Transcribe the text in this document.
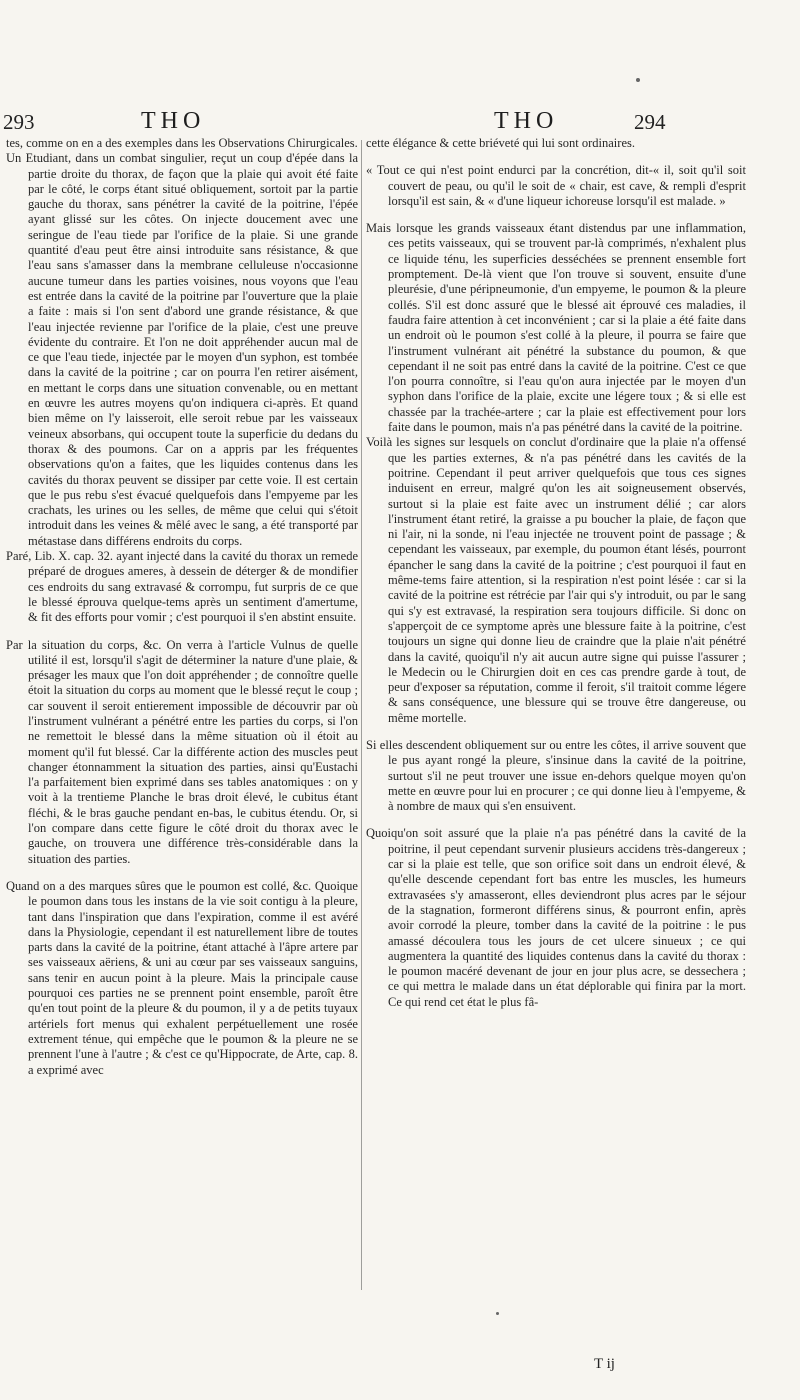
293	THO	THO	294

tes, comme on en a des exemples dans les Observations Chirurgicales.

Un Etudiant, dans un combat singulier, reçut un coup d'épée dans la partie droite du thorax, de façon que la plaie qui avoit été faite par le côté, le corps étant situé obliquement, sortoit par la partie gauche du thorax, sans pénétrer la cavité de la poitrine, l'épée ayant glissé sur les côtes. On injecte doucement avec une seringue de l'eau tiede par l'orifice de la plaie. Si une grande quantité d'eau peut être ainsi introduite sans résistance, & que l'eau sans s'amasser dans la membrane celluleuse n'occasionne aucune tumeur dans les parties voisines, nous voyons que l'eau est entrée dans la cavité de la poitrine par l'ouverture que la plaie a faite : mais si l'on sent d'abord une grande résistance, & que l'eau injectée revienne par l'orifice de la plaie, c'est une preuve évidente du contraire. Et l'on ne doit appréhender aucun mal de ce que l'eau tiede, injectée par le moyen d'un syphon, est tombée dans la cavité de la poitrine ; car on pourra l'en retirer aisément, en mettant le corps dans une situation convenable, ou en mettant en œuvre les autres moyens qu'on indiquera ci-après. Et quand bien même on l'y laisseroit, elle seroit rebue par les vaisseaux veineux absorbans, qui occupent toute la superficie du dedans du thorax & des poumons. Car on a appris par les fréquentes observations qu'on a faites, que les liquides contenus dans les cavités du thorax peuvent se dissiper par cette voie. Il est certain que le pus rebu s'est évacué quelquefois dans l'empyeme par les crachats, les urines ou les selles, de même que celui qui s'étoit introduit dans les veines & mêlé avec le sang, a été transporté par métastase dans différens endroits du corps.

Paré, Lib. X. cap. 32. ayant injecté dans la cavité du thorax un remede préparé de drogues ameres, à dessein de déterger & de mondifier ces endroits du sang extravasé & corrompu, fut surpris de ce que le blessé éprouva quelque-tems après un sentiment d'amertume, & fit des efforts pour vomir ; c'est pourquoi il s'en abstint ensuite.

Par la situation du corps, &c. On verra à l'article Vulnus de quelle utilité il est, lorsqu'il s'agit de déterminer la nature d'une plaie, & présager les maux que l'on doit appréhender ; de connoître quelle étoit la situation du corps au moment que le blessé reçut le coup ; car souvent il seroit entierement impossible de découvrir par où l'instrument vulnérant a pénétré entre les parties du corps, si l'on ne remettoit le blessé dans la même situation où il étoit au moment qu'il fut blessé. Car la différente action des muscles peut changer étonnamment la situation des parties, ainsi qu'Eustachi l'a parfaitement bien exprimé dans ses tables anatomiques : on y voit à la trentieme Planche le bras droit élevé, le cubitus étant fléchi, & le bras gauche pendant en-bas, le cubitus étendu. Or, si l'on compare dans cette figure le côté droit du thorax avec le gauche, on trouvera une différence très-considérable dans la situation des parties.

Quand on a des marques sûres que le poumon est collé, &c. Quoique le poumon dans tous les instans de la vie soit contigu à la pleure, tant dans l'inspiration que dans l'expiration, comme il est avéré dans la Physiologie, cependant il est naturellement libre de toutes parts dans la cavité de la poitrine, étant attaché à l'âpre artere par ses vaisseaux aëriens, & uni au cœur par ses vaisseaux sanguins, sans tenir en aucun point à la pleure. Mais la principale cause pourquoi ces parties ne se prennent point ensemble, paroît être qu'en tout point de la pleure & du poumon, il y a de petits tuyaux artériels fort menus qui exhalent perpétuellement une rosée extrement ténue, qui empêche que le poumon & la pleure ne se prennent l'une à l'autre ; & c'est ce qu'Hippocrate, de Arte, cap. 8. a exprimé avec

cette élégance & cette briéveté qui lui sont ordinaires.

« Tout ce qui n'est point endurci par la concrétion, dit-« il, soit qu'il soit couvert de peau, ou qu'il le soit de « chair, est cave, & rempli d'esprit lorsqu'il est sain, & « d'une liqueur ichoreuse lorsqu'il est malade. »

Mais lorsque les grands vaisseaux étant distendus par une inflammation, ces petits vaisseaux, qui se trouvent par-là comprimés, n'exhalent plus ce liquide ténu, les superficies desséchées se prennent ensemble fort promptement. De-là vient que l'on trouve si souvent, ensuite d'une pleurésie, d'une péripneumonie, d'un empyeme, le poumon & la pleure collés. S'il est donc assuré que le blessé ait éprouvé ces maladies, il faudra faire attention à cet inconvénient ; car si la plaie a été faite dans un endroit où le poumon s'est collé à la pleure, il pourra se faire que l'instrument vulnérant ait pénétré la substance du poumon, & que cependant il ne soit pas entré dans la cavité de la poitrine. C'est ce que l'on pourra connoître, si l'eau qu'on aura injectée par le moyen d'un syphon dans l'orifice de la plaie, excite une légere toux ; & si elle est chassée par la trachée-artere ; car la plaie est effectivement pour lors faite dans le poumon, mais n'a pas pénétré dans la cavité de la poitrine.

Voilà les signes sur lesquels on conclut d'ordinaire que la plaie n'a offensé que les parties externes, & n'a pas pénétré dans les cavités de la poitrine. Cependant il peut arriver quelquefois que tous ces signes induisent en erreur, malgré qu'on les ait soigneusement observés, surtout si la plaie est faite avec un instrument délié ; car alors l'instrument étant retiré, la graisse a pu boucher la plaie, de façon que ni l'air, ni la sonde, ni l'eau injectée ne trouvent point de passage ; & cependant les vaisseaux, par exemple, du poumon étant lésés, pourront épancher le sang dans la cavité de la poitrine ; c'est pourquoi il faut en même-tems faire attention, si la respiration n'est point lésée : car si la cavité de la poitrine est rétrécie par l'air qui s'y introduit, ou par le sang qui s'y est extravasé, la respiration sera toujours difficile. Si donc on s'apperçoit de ce symptome après une blessure faite à la poitrine, c'est toujours un signe qui donne lieu de craindre que la plaie n'ait pénétré dans la cavité, quoiqu'il n'y ait aucun autre signe qui puisse l'assurer ; le Medecin ou le Chirurgien doit en ces cas prendre garde à tout, de peur d'exposer sa réputation, comme il feroit, s'il traitoit comme légere & sans conséquence, une blessure qui se trouve être dangereuse, ou même mortelle.

Si elles descendent obliquement sur ou entre les côtes, il arrive souvent que le pus ayant rongé la pleure, s'insinue dans la cavité de la poitrine, surtout s'il ne peut trouver une issue en-dehors quelque moyen qu'on mette en œuvre pour lui en procurer ; ce qui donne lieu à l'empyeme, & à nombre de maux qui s'en ensuivent.

Quoiqu'on soit assuré que la plaie n'a pas pénétré dans la cavité de la poitrine, il peut cependant survenir plusieurs accidens très-dangereux ; car si la plaie est telle, que son orifice soit dans un endroit élevé, & qu'elle descende cependant fort bas entre les muscles, les humeurs extravasées s'y amasseront, elles deviendront plus acres par le séjour de la stagnation, formeront différens sinus, & pourront enfin, après avoir corrodé la pleure, tomber dans la cavité de la poitrine : le pus amassé découlera tous les jours de cet ulcere sinueux ; ce qui augmentera la quantité des liquides contenus dans la cavité du thorax : le poumon macéré devenant de jour en jour plus acre, se dessechera ; ce qui mettra le malade dans un état déplorable qui finira par la mort. Ce qui rend cet état le plus fâ-

T ij
